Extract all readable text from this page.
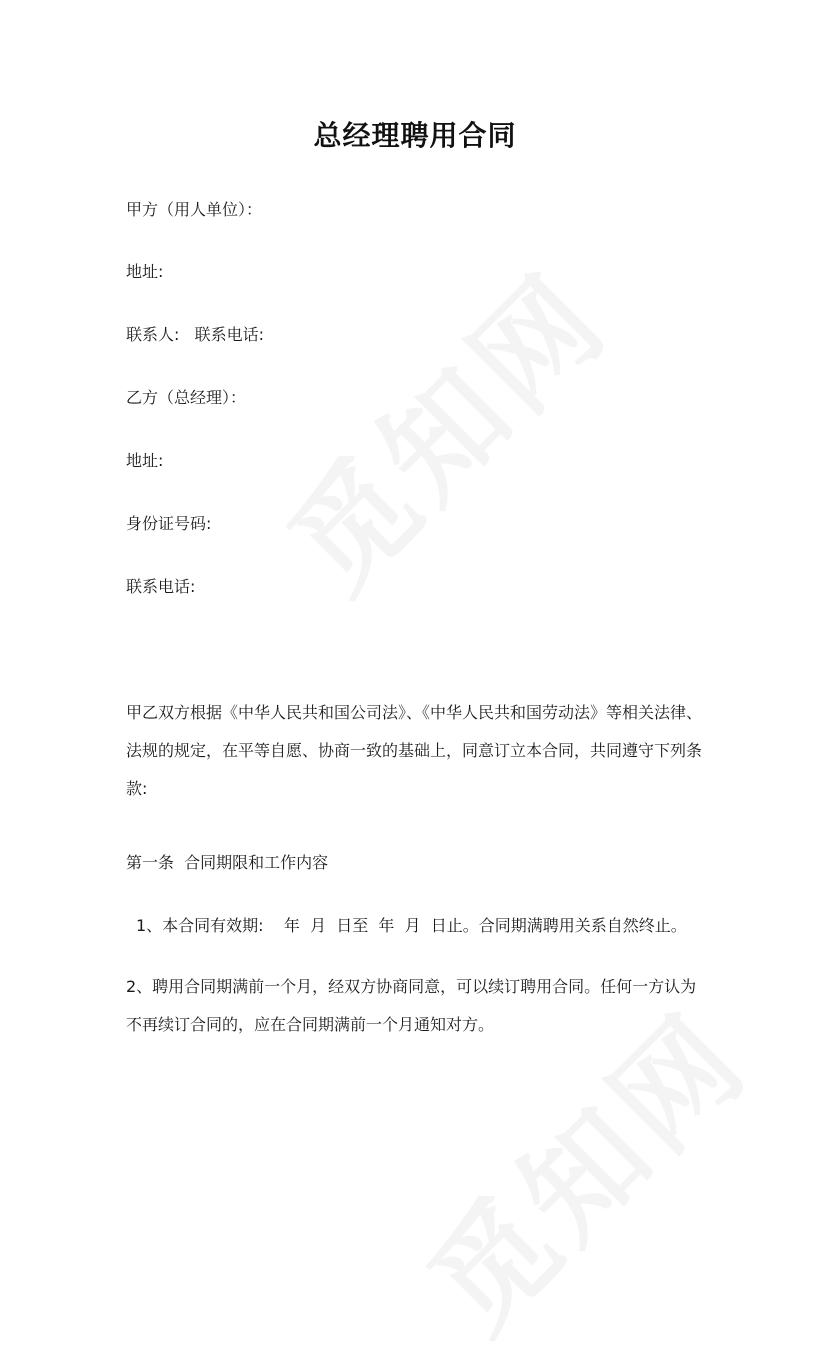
总经理聘用合同
甲方（用人单位）：
地址:
联系人:   联系电话:
乙方（总经理）：
地址:
身份证号码:
联系电话:
甲乙双方根据《中华人民共和国公司法》、《中华人民共和国劳动法》等相关法律、法规的规定，在平等自愿、协商一致的基础上，同意订立本合同，共同遵守下列条款:
第一条  合同期限和工作内容
1、本合同有效期:    年  月  日至  年  月  日止。合同期满聘用关系自然终止。
2、聘用合同期满前一个月，经双方协商同意，可以续订聘用合同。任何一方认为不再续订合同的，应在合同期满前一个月通知对方。
